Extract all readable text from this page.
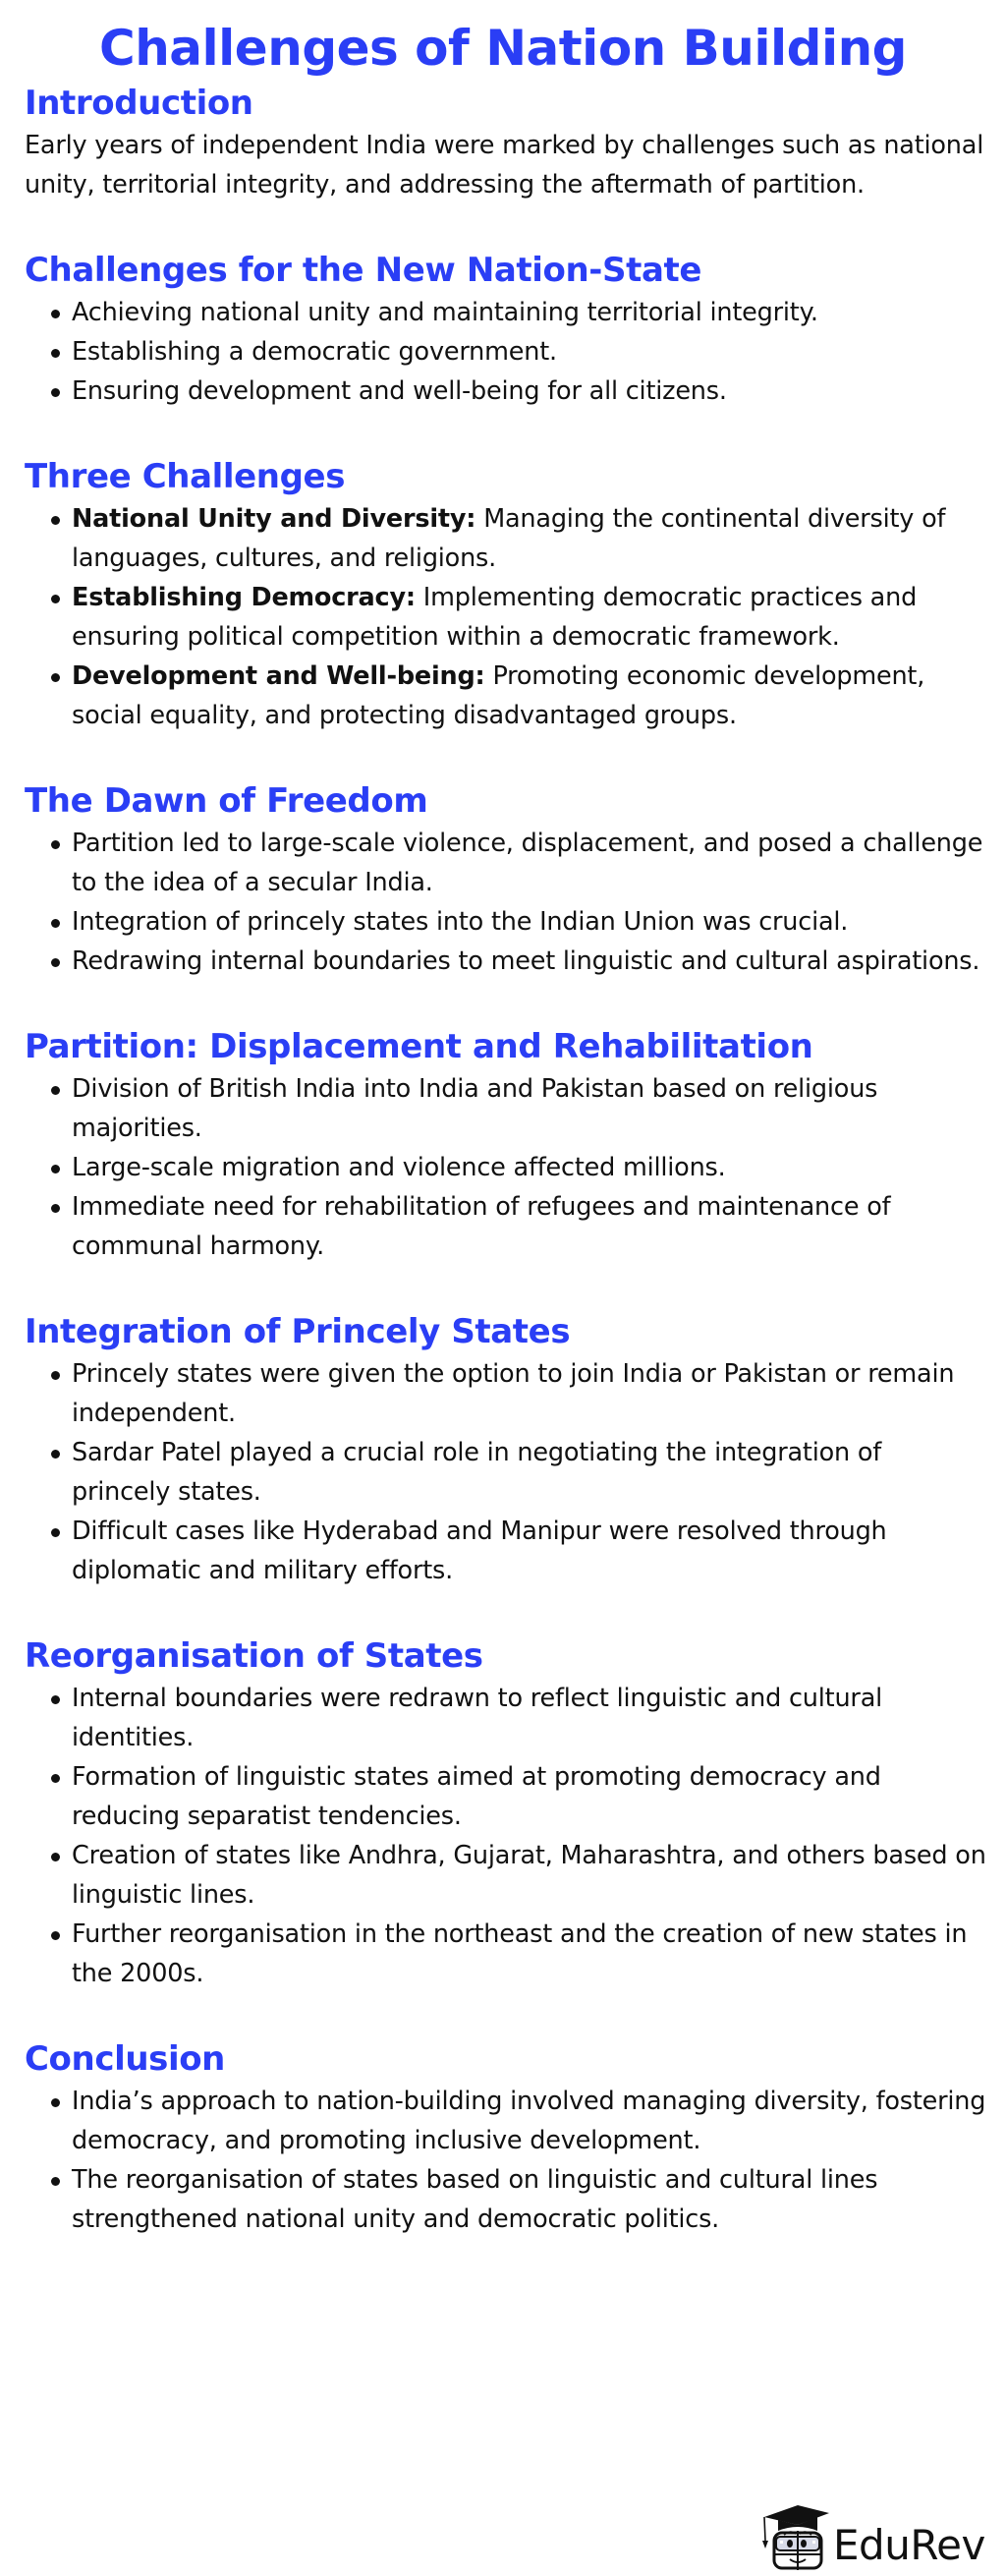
Challenges of Nation Building
Introduction

Early years of independent India were marked by challenges such as national unity, territorial integrity, and addressing the aftermath of partition.

Challenges for the New Nation-State
Achieving national unity and maintaining territorial integrity.
Establishing a democratic government.
Ensuring development and well-being for all citizens.
Three Challenges
National Unity and Diversity: Managing the continental diversity of languages, cultures, and religions.
Establishing Democracy: Implementing democratic practices and ensuring political competition within a democratic framework.
Development and Well-being: Promoting economic development, social equality, and protecting disadvantaged groups.
The Dawn of Freedom
Partition led to large-scale violence, displacement, and posed a challenge to the idea of a secular India.
Integration of princely states into the Indian Union was crucial.
Redrawing internal boundaries to meet linguistic and cultural aspirations.
Partition: Displacement and Rehabilitation
Division of British India into India and Pakistan based on religious majorities.
Large-scale migration and violence affected millions.
Immediate need for rehabilitation of refugees and maintenance of communal harmony.
Integration of Princely States
Princely states were given the option to join India or Pakistan or remain independent.
Sardar Patel played a crucial role in negotiating the integration of princely states.
Difficult cases like Hyderabad and Manipur were resolved through diplomatic and military efforts.
Reorganisation of States
Internal boundaries were redrawn to reflect linguistic and cultural identities.
Formation of linguistic states aimed at promoting democracy and reducing separatist tendencies.
Creation of states like Andhra, Gujarat, Maharashtra, and others based on linguistic lines.
Further reorganisation in the northeast and the creation of new states in the 2000s.
Conclusion
India’s approach to nation-building involved managing diversity, fostering democracy, and promoting inclusive development.
The reorganisation of states based on linguistic and cultural lines strengthened national unity and democratic politics.
EduRev
